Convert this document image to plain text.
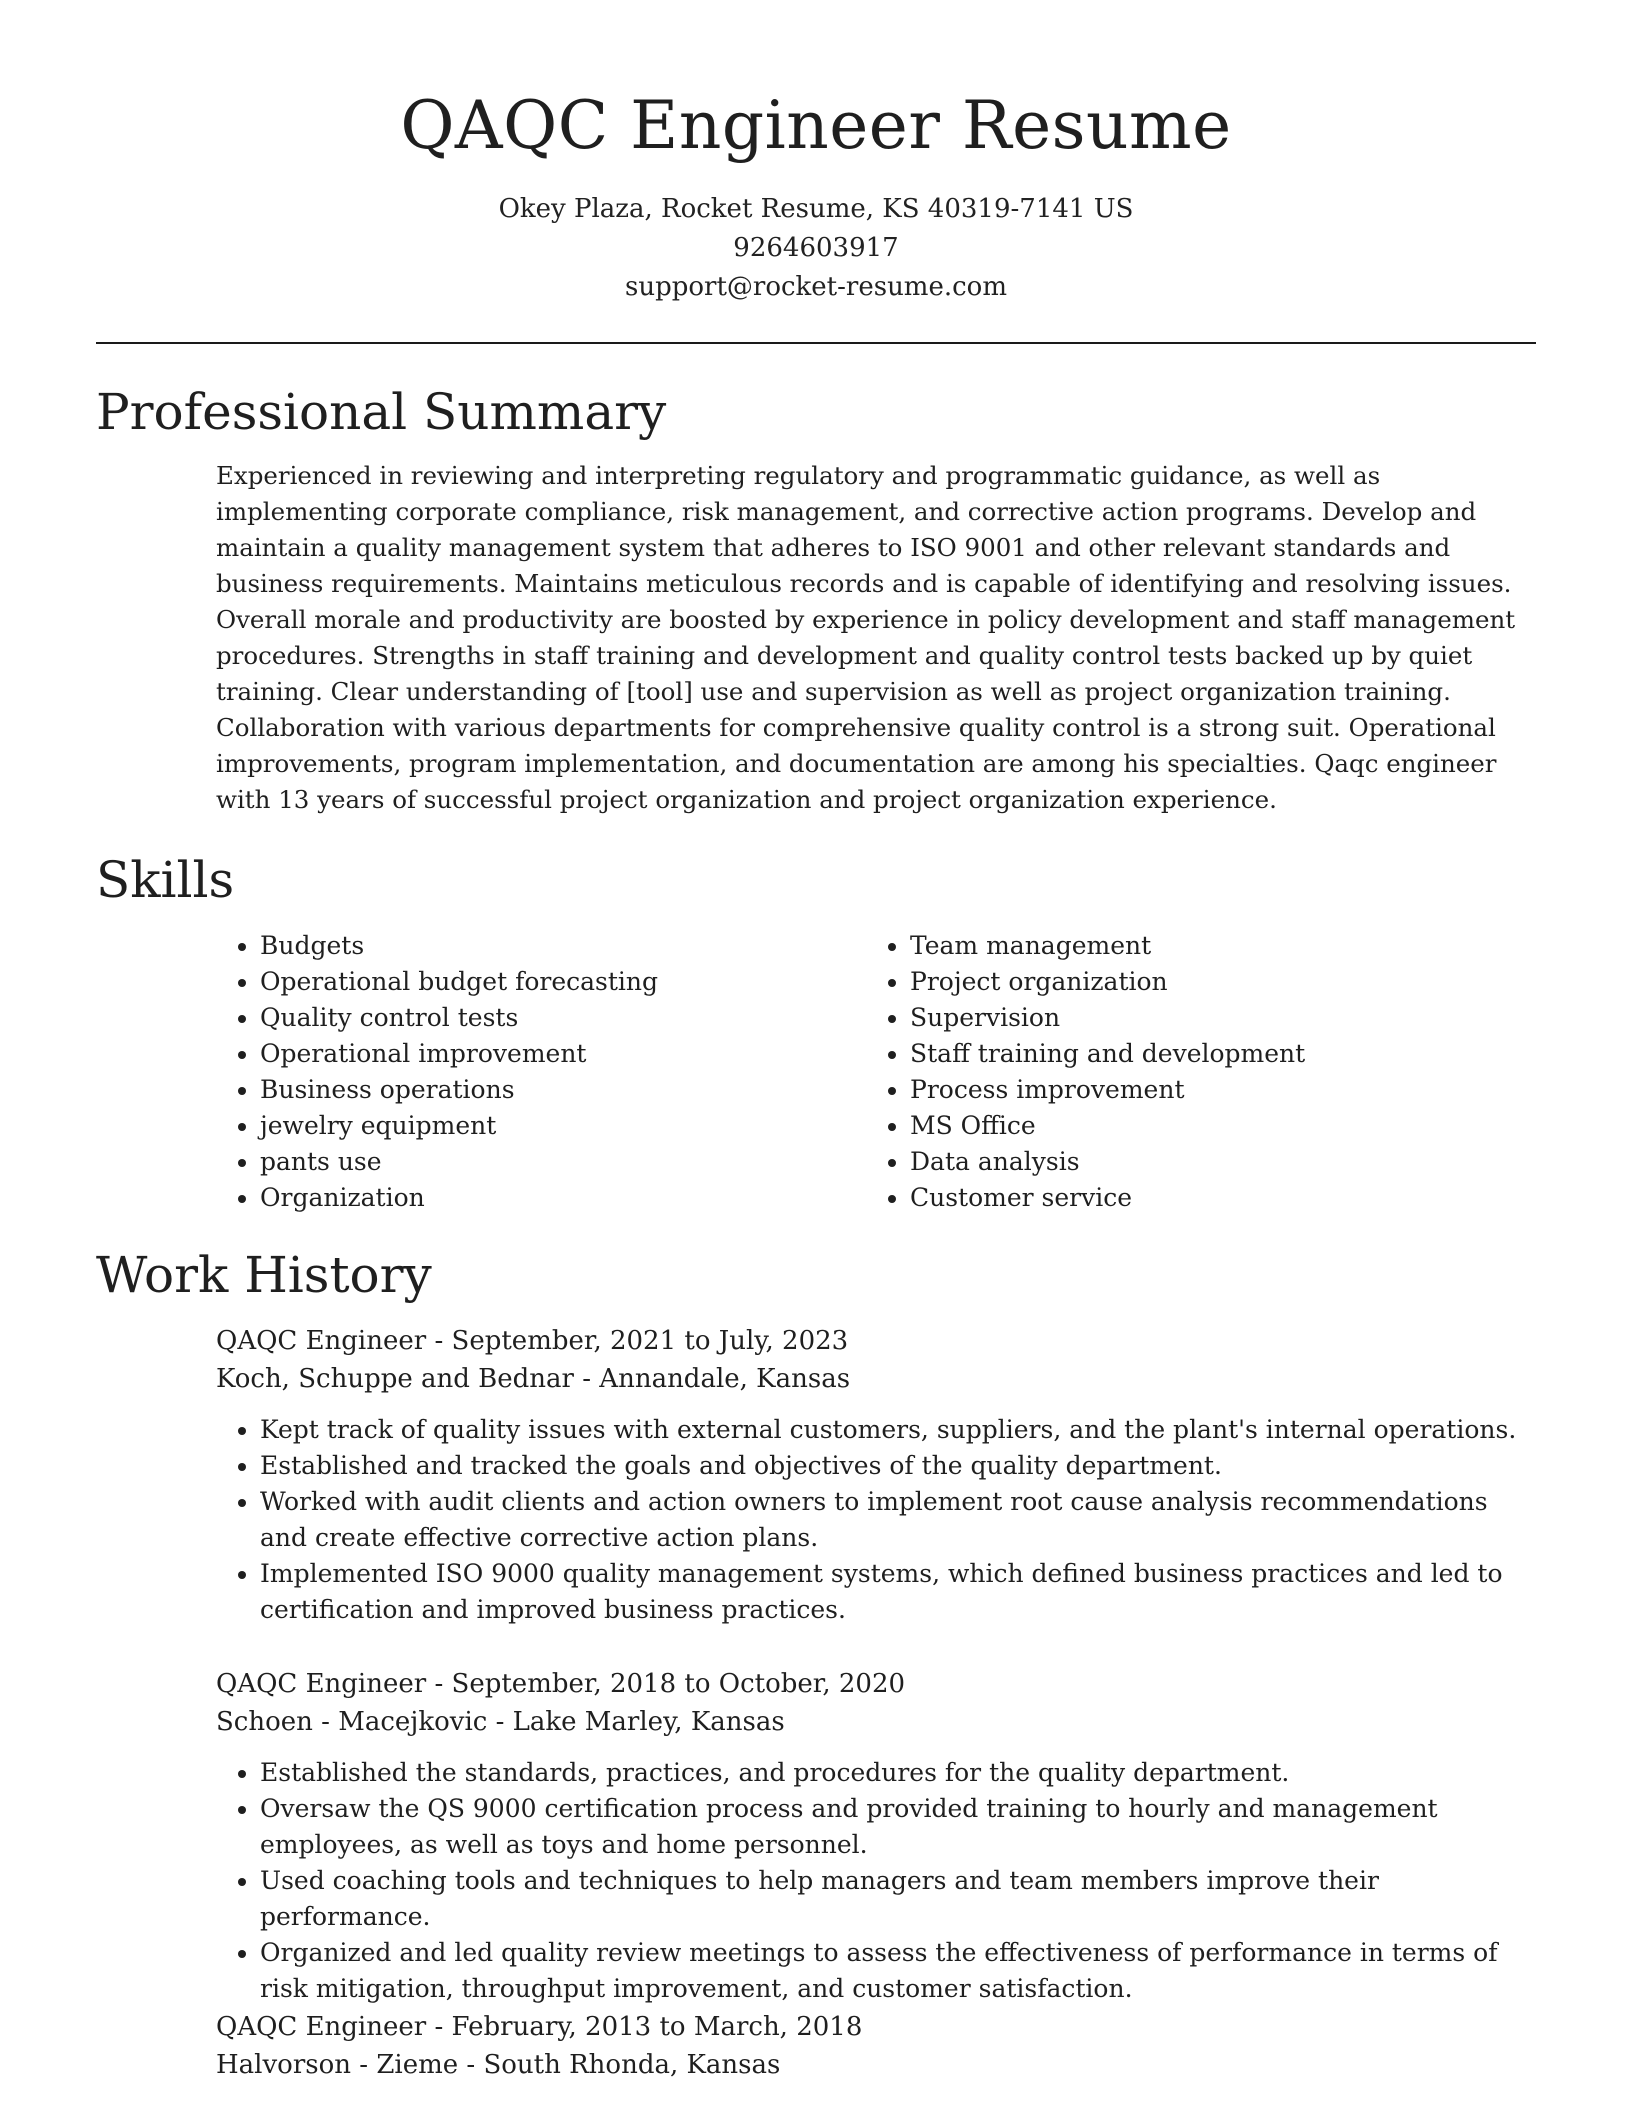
QAQC Engineer Resume
Okey Plaza, Rocket Resume, KS 40319-7141 US
9264603917
support@rocket-resume.com
Professional Summary
Experienced in reviewing and interpreting regulatory and programmatic guidance, as well as implementing corporate compliance, risk management, and corrective action programs. Develop and maintain a quality management system that adheres to ISO 9001 and other relevant standards and business requirements. Maintains meticulous records and is capable of identifying and resolving issues. Overall morale and productivity are boosted by experience in policy development and staff management procedures. Strengths in staff training and development and quality control tests backed up by quiet training. Clear understanding of [tool] use and supervision as well as project organization training. Collaboration with various departments for comprehensive quality control is a strong suit. Operational improvements, program implementation, and documentation are among his specialties. Qaqc engineer with 13 years of successful project organization and project organization experience.
Skills
• Budgets
• Operational budget forecasting
• Quality control tests
• Operational improvement
• Business operations
• jewelry equipment
• pants use
• Organization
• Team management
• Project organization
• Supervision
• Staff training and development
• Process improvement
• MS Office
• Data analysis
• Customer service
Work History
QAQC Engineer - September, 2021 to July, 2023
Koch, Schuppe and Bednar - Annandale, Kansas
• Kept track of quality issues with external customers, suppliers, and the plant's internal operations.
• Established and tracked the goals and objectives of the quality department.
• Worked with audit clients and action owners to implement root cause analysis recommendations and create effective corrective action plans.
• Implemented ISO 9000 quality management systems, which defined business practices and led to certification and improved business practices.
QAQC Engineer - September, 2018 to October, 2020
Schoen - Macejkovic - Lake Marley, Kansas
• Established the standards, practices, and procedures for the quality department.
• Oversaw the QS 9000 certification process and provided training to hourly and management employees, as well as toys and home personnel.
• Used coaching tools and techniques to help managers and team members improve their performance.
• Organized and led quality review meetings to assess the effectiveness of performance in terms of risk mitigation, throughput improvement, and customer satisfaction.
QAQC Engineer - February, 2013 to March, 2018
Halvorson - Zieme - South Rhonda, Kansas
